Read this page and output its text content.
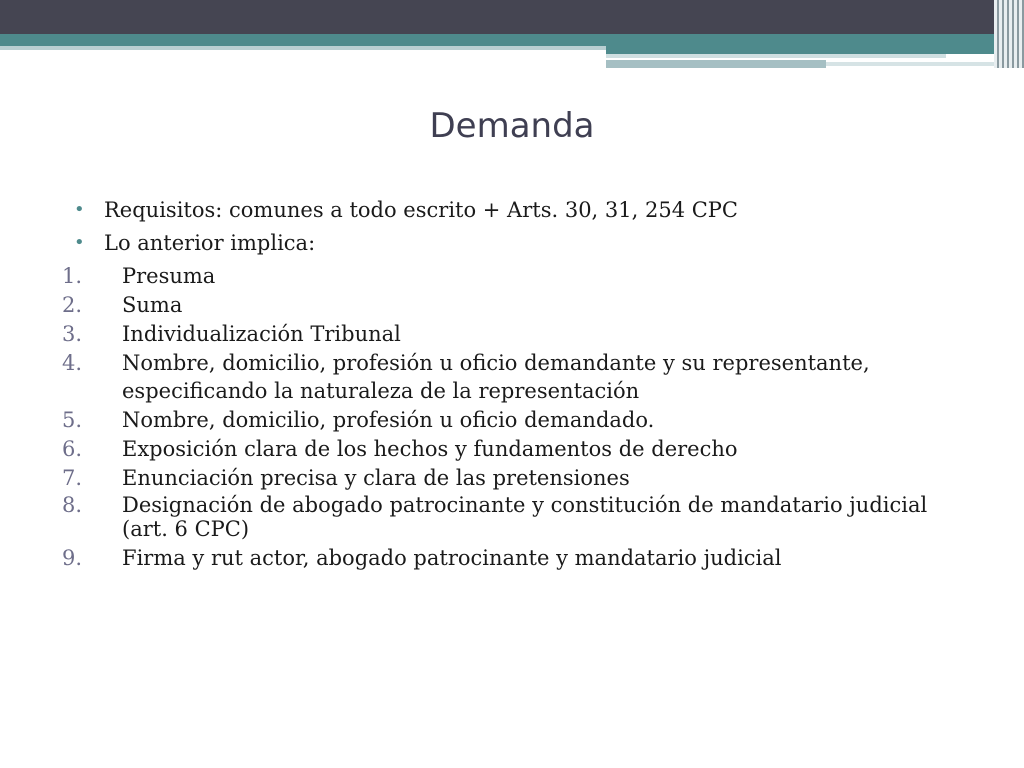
Demanda
• Requisitos: comunes a todo escrito + Arts. 30, 31, 254 CPC
• Lo anterior implica:
1. Presuma
2. Suma
3. Individualización Tribunal
4. Nombre, domicilio, profesión u oficio demandante y su representante, especificando la naturaleza de la representación
5. Nombre, domicilio, profesión u oficio demandado.
6. Exposición clara de los hechos y fundamentos de derecho
7. Enunciación precisa y clara de las pretensiones
8. Designación de abogado patrocinante y constitución de mandatario judicial (art. 6 CPC)
9. Firma y rut actor, abogado patrocinante y mandatario judicial
